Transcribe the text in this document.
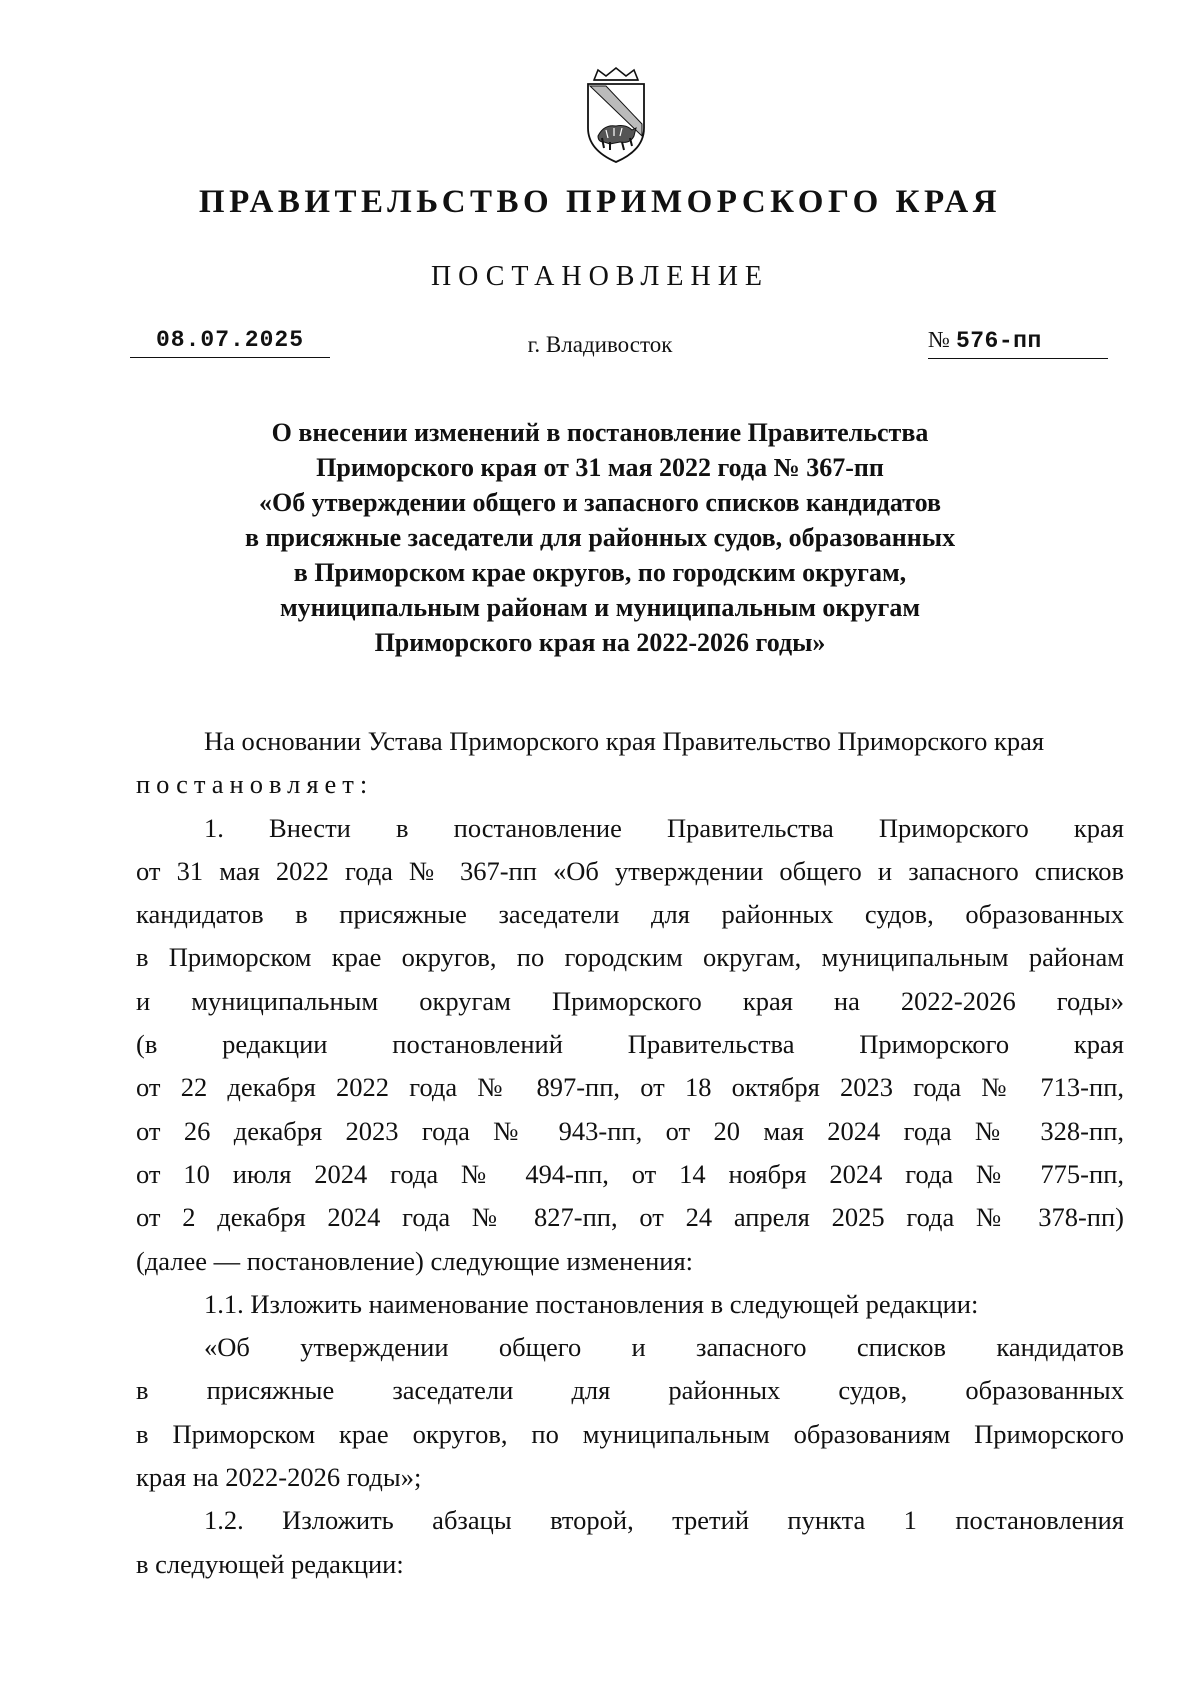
ПРАВИТЕЛЬСТВО ПРИМОРСКОГО КРАЯ
ПОСТАНОВЛЕНИЕ
08.07.2025	г. Владивосток	№ 576-пп
О внесении изменений в постановление Правительства
Приморского края от 31 мая 2022 года № 367-пп
«Об утверждении общего и запасного списков кандидатов
в присяжные заседатели для районных судов, образованных
в Приморском крае округов, по городским округам,
муниципальным районам и муниципальным округам
Приморского края на 2022-2026 годы»
На основании Устава Приморского края Правительство Приморского края
постановляет:
1. Внести в постановление Правительства Приморского края
от 31 мая 2022 года № 367-пп «Об утверждении общего и запасного списков
кандидатов в присяжные заседатели для районных судов, образованных
в Приморском крае округов, по городским округам, муниципальным районам
и муниципальным округам Приморского края на 2022-2026 годы»
(в редакции постановлений Правительства Приморского края
от 22 декабря 2022 года № 897-пп, от 18 октября 2023 года № 713-пп,
от 26 декабря 2023 года № 943-пп, от 20 мая 2024 года № 328-пп,
от 10 июля 2024 года № 494-пп, от 14 ноября 2024 года № 775-пп,
от 2 декабря 2024 года № 827-пп, от 24 апреля 2025 года № 378-пп)
(далее — постановление) следующие изменения:
1.1. Изложить наименование постановления в следующей редакции:
«Об утверждении общего и запасного списков кандидатов
в присяжные заседатели для районных судов, образованных
в Приморском крае округов, по муниципальным образованиям Приморского
края на 2022-2026 годы»;
1.2. Изложить абзацы второй, третий пункта 1 постановления
в следующей редакции:
